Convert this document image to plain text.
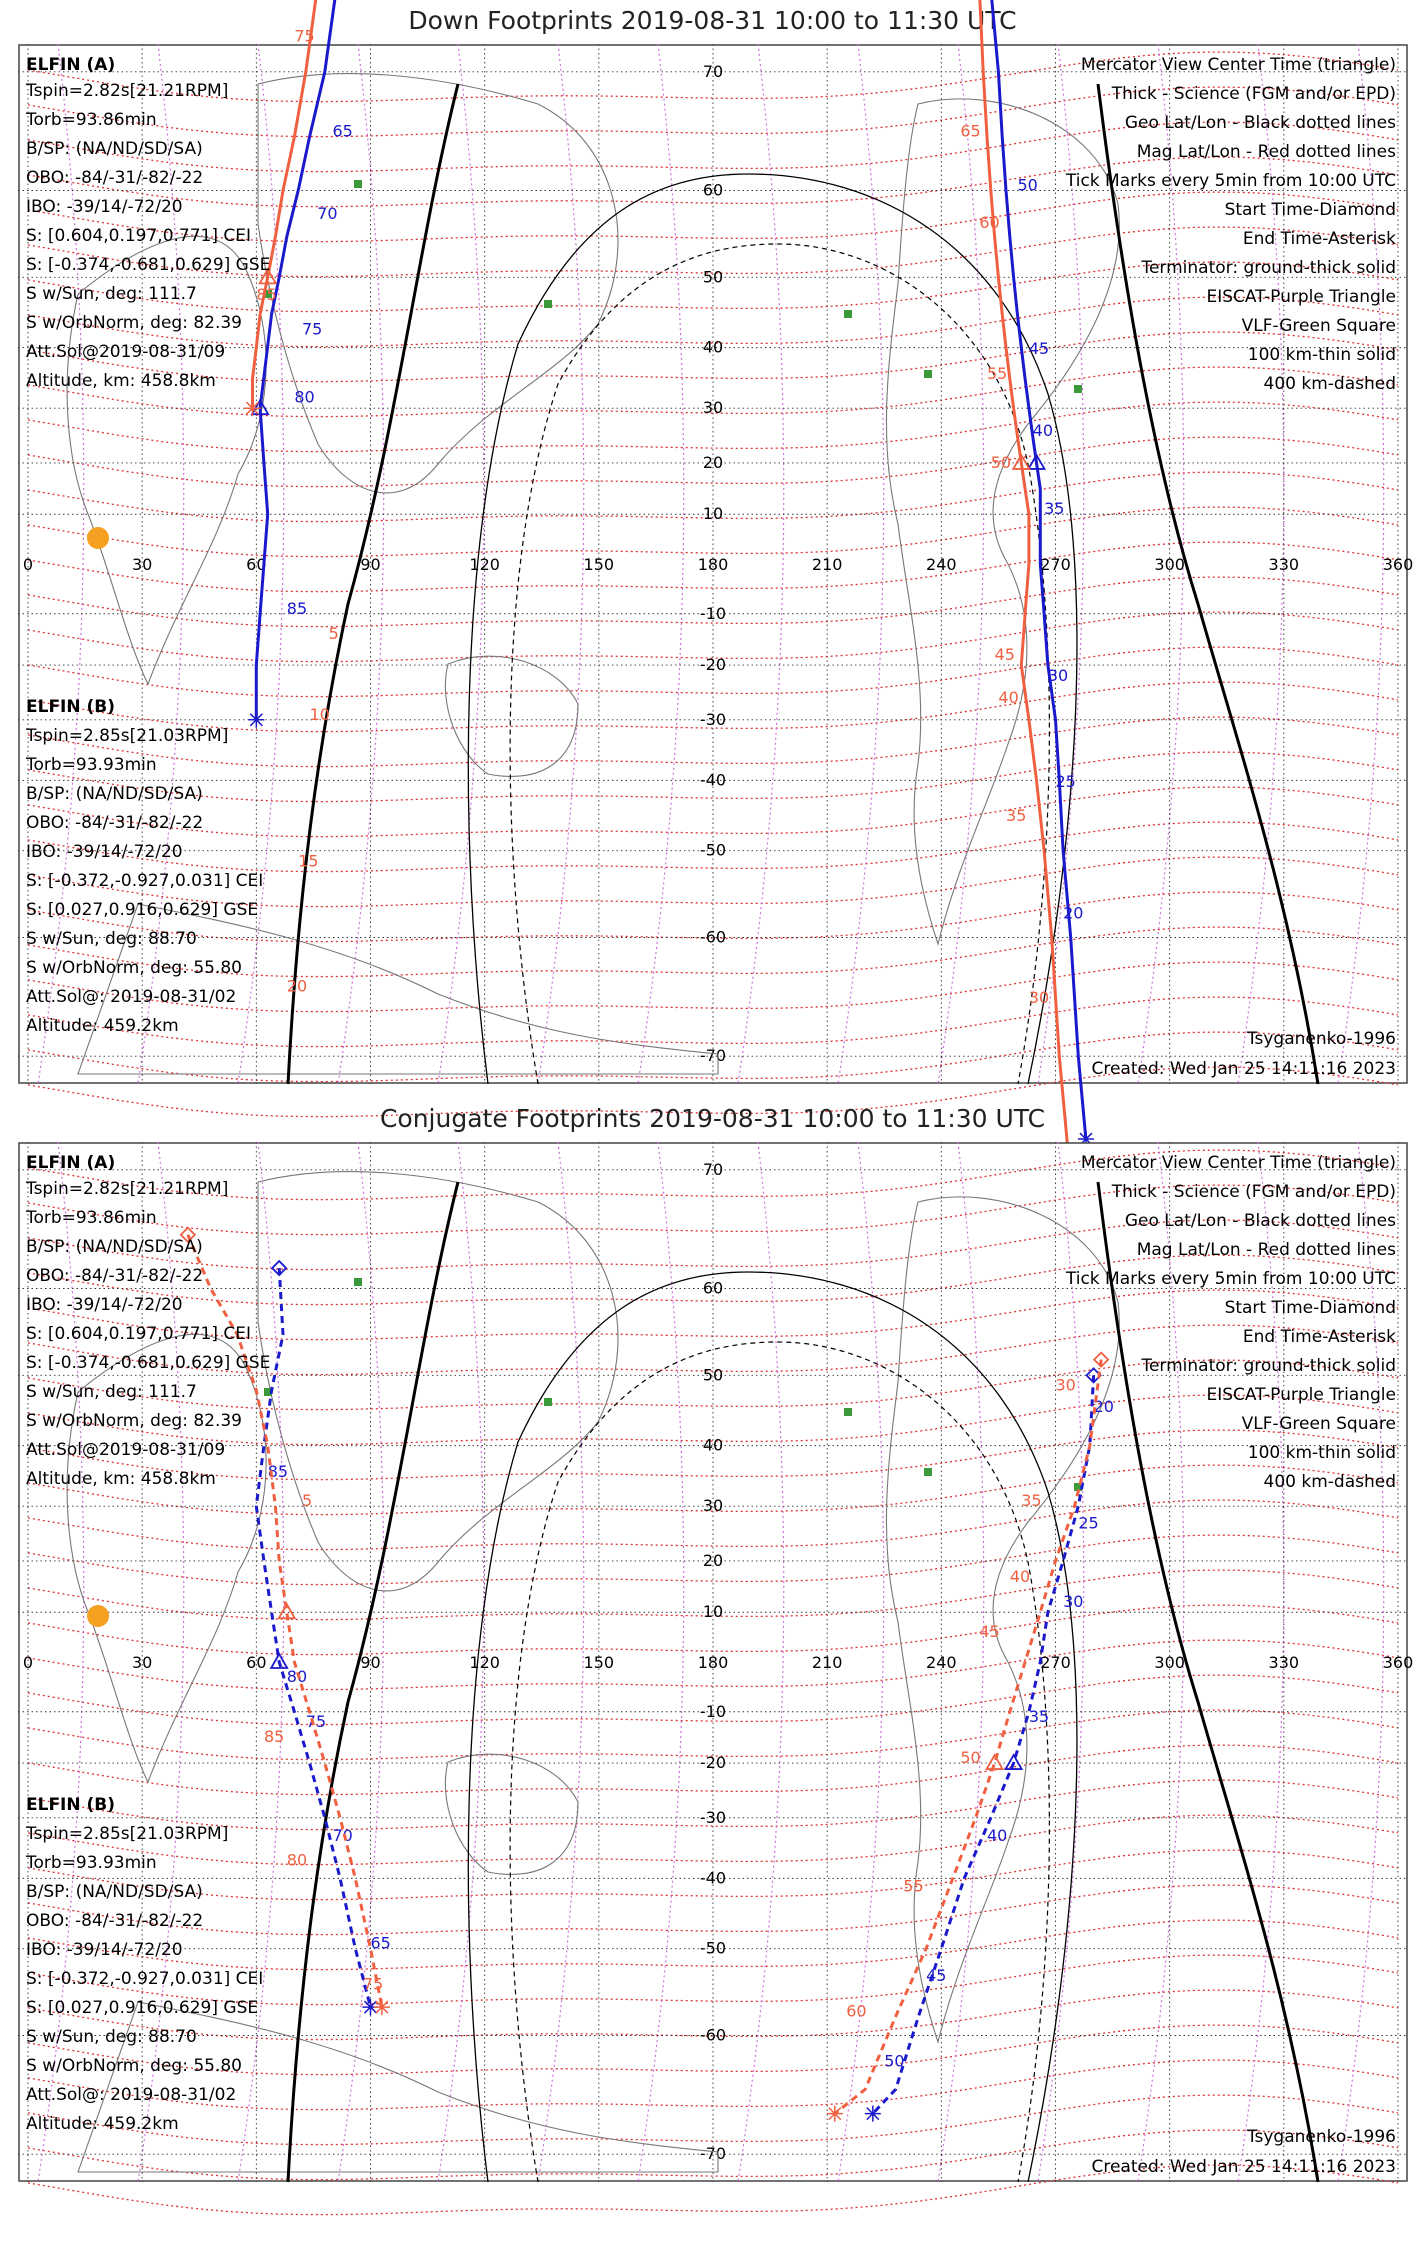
Down Footprints 2019-08-31 10:00 to 11:30 UTC
0	30	60	90	120	150	180	210	240	270	300	330	360
70
60
50
40
30
20
10
-10
-20
-30
-40
-50
-60
-70
65
70
75
80
85
75
85
5
10
15
20
50
45
40
35
30
25
20
65
60
55
50
45
40
35
30
ELFIN (A)
Tspin=2.82s[21.21RPM]
Torb=93.86min
B/SP: (NA/ND/SD/SA)
OBO: -84/-31/-82/-22
IBO: -39/14/-72/20
S: [0.604,0.197,0.771] CEI
S: [-0.374,-0.681,0.629] GSE
S w/Sun, deg: 111.7
S w/OrbNorm, deg: 82.39
Att.Sol@2019-08-31/09
Altitude, km: 458.8km
ELFIN (B)
Tspin=2.85s[21.03RPM]
Torb=93.93min
B/SP: (NA/ND/SD/SA)
OBO: -84/-31/-82/-22
IBO: -39/14/-72/20
S: [-0.372,-0.927,0.031] CEI
S: [0.027,0.916,0.629] GSE
S w/Sun, deg: 88.70
S w/OrbNorm, deg: 55.80
Att.Sol@: 2019-08-31/02
Altitude: 459.2km
Mercator View Center Time (triangle)
Thick - Science (FGM and/or EPD)
Geo Lat/Lon - Black dotted lines
Mag Lat/Lon - Red dotted lines
Tick Marks every 5min from 10:00 UTC
Start Time-Diamond
End Time-Asterisk
Terminator: ground-thick solid
EISCAT-Purple Triangle
VLF-Green Square
100 km-thin solid
400 km-dashed
Tsyganenko-1996
Created: Wed Jan 25 14:11:16 2023
Conjugate Footprints 2019-08-31 10:00 to 11:30 UTC
0	30	60	90	120	150	180	210	240	270	300	330	360
70
60
50
40
30
20
10
-10
-20
-30
-40
-50
-60
-70
85
80
75
70
65
5
85
80
75
20
25
30
35
40
45
50
30
35
40
45
50
55
60
ELFIN (A)
Tspin=2.82s[21.21RPM]
Torb=93.86min
B/SP: (NA/ND/SD/SA)
OBO: -84/-31/-82/-22
IBO: -39/14/-72/20
S: [0.604,0.197,0.771] CEI
S: [-0.374,-0.681,0.629] GSE
S w/Sun, deg: 111.7
S w/OrbNorm, deg: 82.39
Att.Sol@2019-08-31/09
Altitude, km: 458.8km
ELFIN (B)
Tspin=2.85s[21.03RPM]
Torb=93.93min
B/SP: (NA/ND/SD/SA)
OBO: -84/-31/-82/-22
IBO: -39/14/-72/20
S: [-0.372,-0.927,0.031] CEI
S: [0.027,0.916,0.629] GSE
S w/Sun, deg: 88.70
S w/OrbNorm, deg: 55.80
Att.Sol@: 2019-08-31/02
Altitude: 459.2km
Mercator View Center Time (triangle)
Thick - Science (FGM and/or EPD)
Geo Lat/Lon - Black dotted lines
Mag Lat/Lon - Red dotted lines
Tick Marks every 5min from 10:00 UTC
Start Time-Diamond
End Time-Asterisk
Terminator: ground-thick solid
EISCAT-Purple Triangle
VLF-Green Square
100 km-thin solid
400 km-dashed
Tsyganenko-1996
Created: Wed Jan 25 14:11:16 2023
